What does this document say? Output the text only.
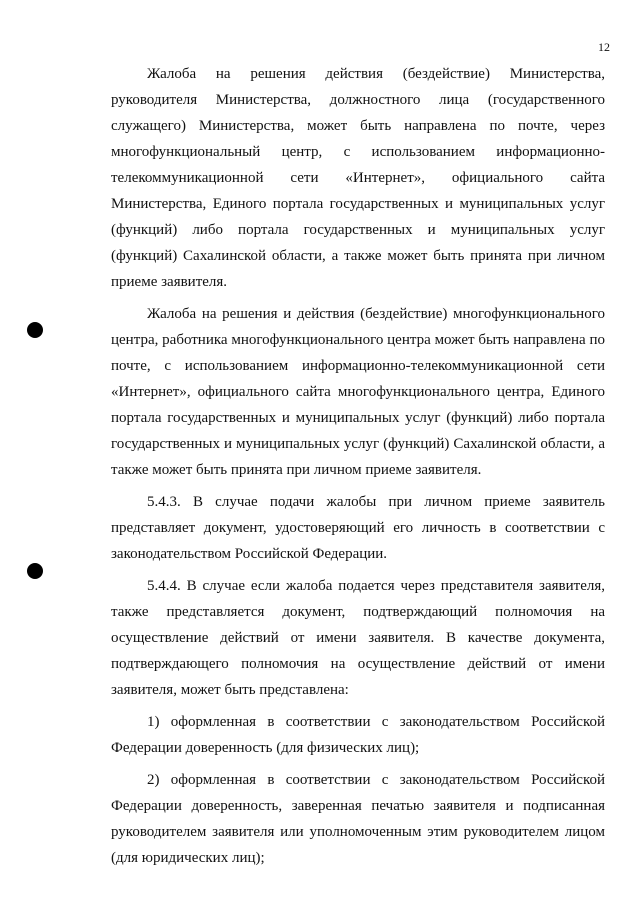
12

Жалоба на решения действия (бездействие) Министерства, руководителя Министерства, должностного лица (государственного служащего) Министерства, может быть направлена по почте, через многофункциональный центр, с использованием информационно-телекоммуникационной сети «Интернет», официального сайта Министерства, Единого портала государственных и муниципальных услуг (функций) либо портала государственных и муниципальных услуг (функций) Сахалинской области, а также может быть принята при личном приеме заявителя.

Жалоба на решения и действия (бездействие) многофункционального центра, работника многофункционального центра может быть направлена по почте, с использованием информационно-телекоммуникационной сети «Интернет», официального сайта многофункционального центра, Единого портала государственных и муниципальных услуг (функций) либо портала государственных и муниципальных услуг (функций) Сахалинской области, а также может быть принята при личном приеме заявителя.

5.4.3. В случае подачи жалобы при личном приеме заявитель представляет документ, удостоверяющий его личность в соответствии с законодательством Российской Федерации.

5.4.4. В случае если жалоба подается через представителя заявителя, также представляется документ, подтверждающий полномочия на осуществление действий от имени заявителя. В качестве документа, подтверждающего полномочия на осуществление действий от имени заявителя, может быть представлена:

1) оформленная в соответствии с законодательством Российской Федерации доверенность (для физических лиц);

2) оформленная в соответствии с законодательством Российской Федерации доверенность, заверенная печатью заявителя и подписанная руководителем заявителя или уполномоченным этим руководителем лицом (для юридических лиц);
